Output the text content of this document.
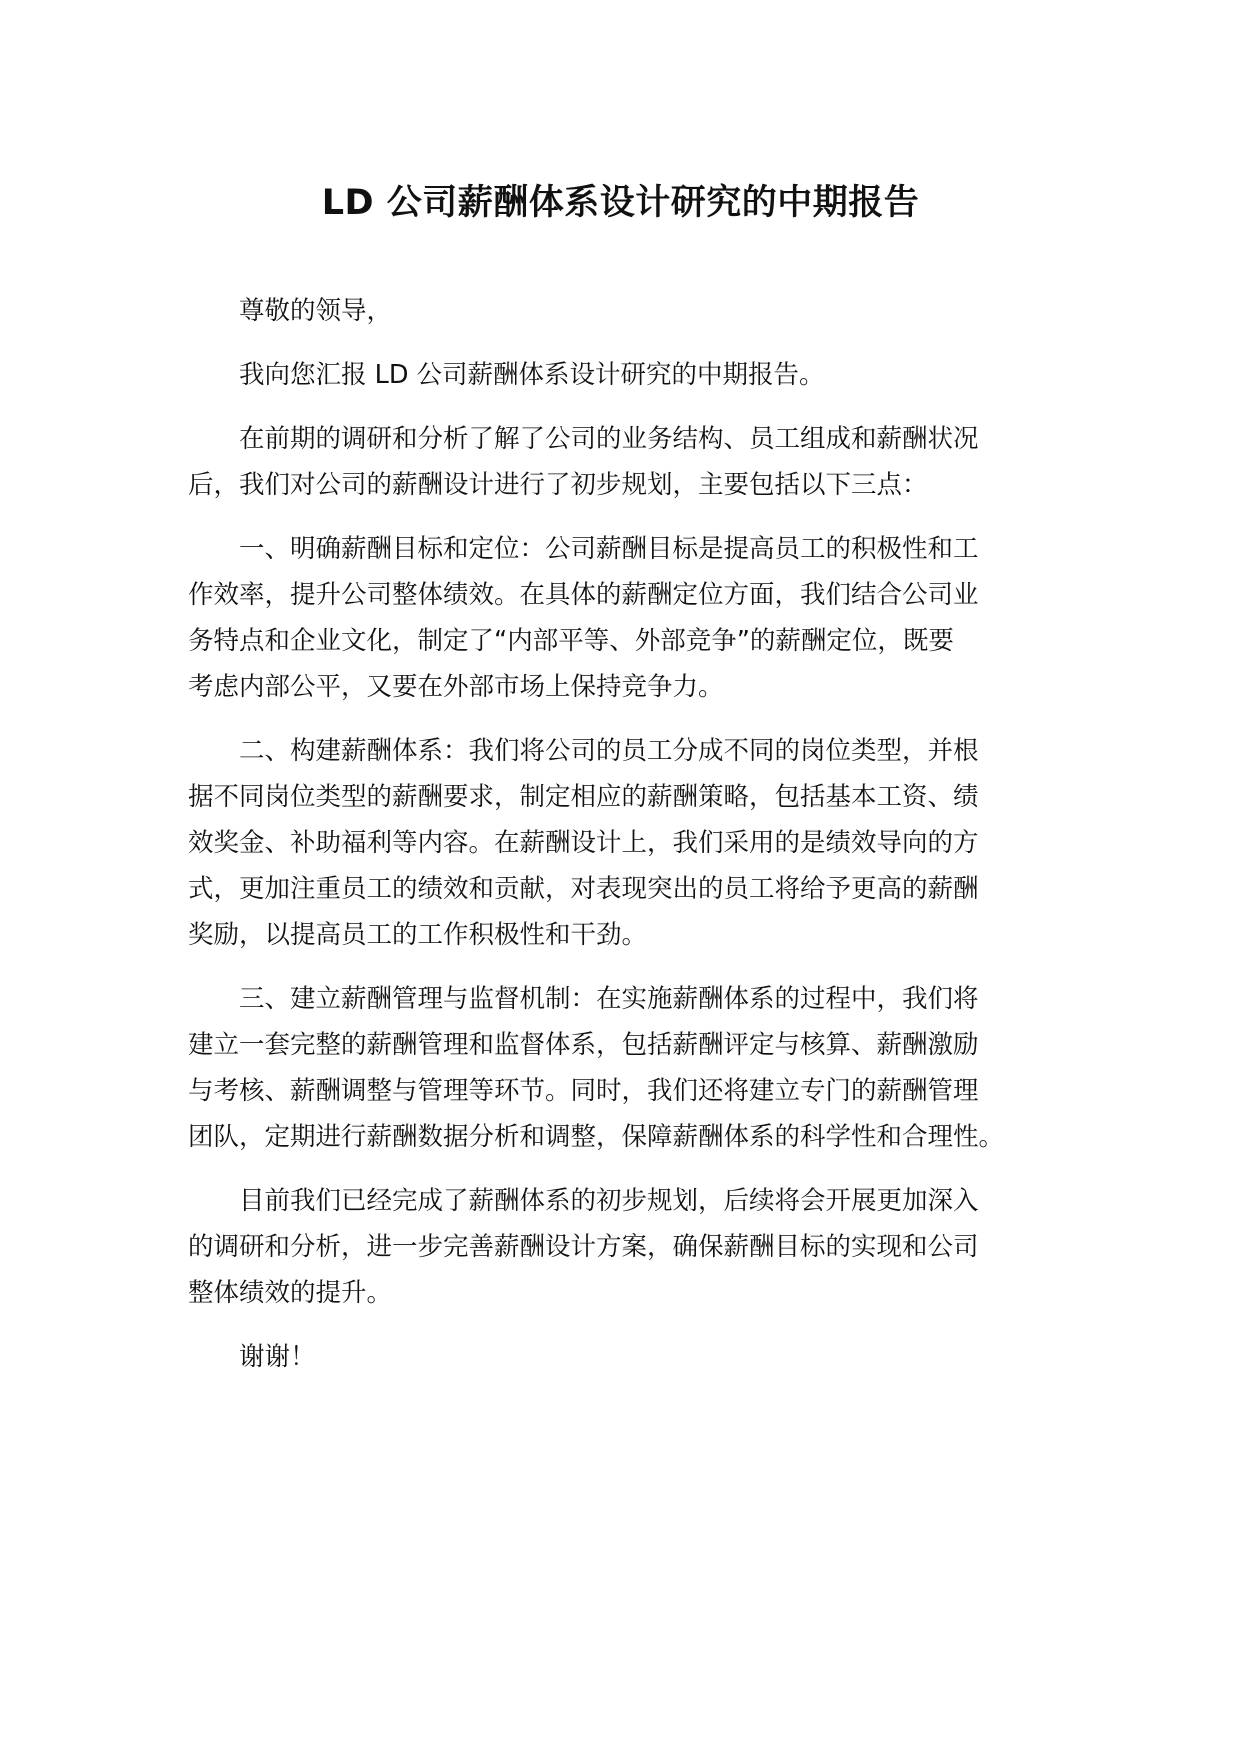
LD 公司薪酬体系设计研究的中期报告

尊敬的领导，

我向您汇报 LD 公司薪酬体系设计研究的中期报告。

在前期的调研和分析了解了公司的业务结构、员工组成和薪酬状况
后，我们对公司的薪酬设计进行了初步规划，主要包括以下三点：

一、明确薪酬目标和定位：公司薪酬目标是提高员工的积极性和工
作效率，提升公司整体绩效。在具体的薪酬定位方面，我们结合公司业
务特点和企业文化，制定了“内部平等、外部竞争”的薪酬定位，既要
考虑内部公平，又要在外部市场上保持竞争力。

二、构建薪酬体系：我们将公司的员工分成不同的岗位类型，并根
据不同岗位类型的薪酬要求，制定相应的薪酬策略，包括基本工资、绩
效奖金、补助福利等内容。在薪酬设计上，我们采用的是绩效导向的方
式，更加注重员工的绩效和贡献，对表现突出的员工将给予更高的薪酬
奖励，以提高员工的工作积极性和干劲。

三、建立薪酬管理与监督机制：在实施薪酬体系的过程中，我们将
建立一套完整的薪酬管理和监督体系，包括薪酬评定与核算、薪酬激励
与考核、薪酬调整与管理等环节。同时，我们还将建立专门的薪酬管理
团队，定期进行薪酬数据分析和调整，保障薪酬体系的科学性和合理性。

目前我们已经完成了薪酬体系的初步规划，后续将会开展更加深入
的调研和分析，进一步完善薪酬设计方案，确保薪酬目标的实现和公司
整体绩效的提升。

谢谢！
